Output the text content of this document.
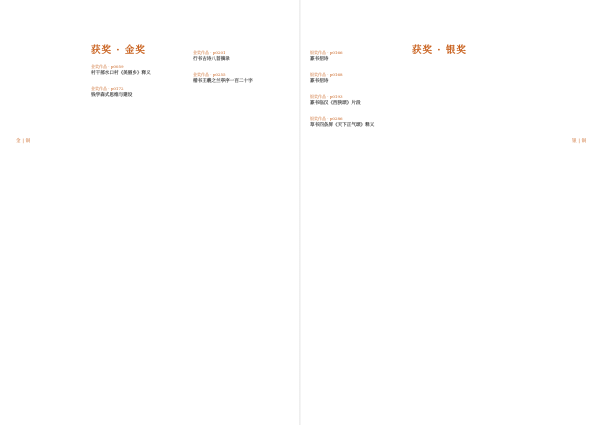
金 | 铜	银 | 铜
获奖 · 金奖
金奖作品 · p0059
村干部水口村《美丽乡》释义
金奖作品 · p0172
钱学森式思维与建设
金奖作品 · p0201
行书古诗八首摘录
金奖作品 · p0255
楷书王羲之兰亭序一百二十字
银奖作品 · p0166
篆书招诗
银奖作品 · p0168
篆书招诗
银奖作品 · p0193
篆书临汉《西狭颂》片段
银奖作品 · p0286
草书四条屏《天下正气颂》释义
获奖 · 银奖
